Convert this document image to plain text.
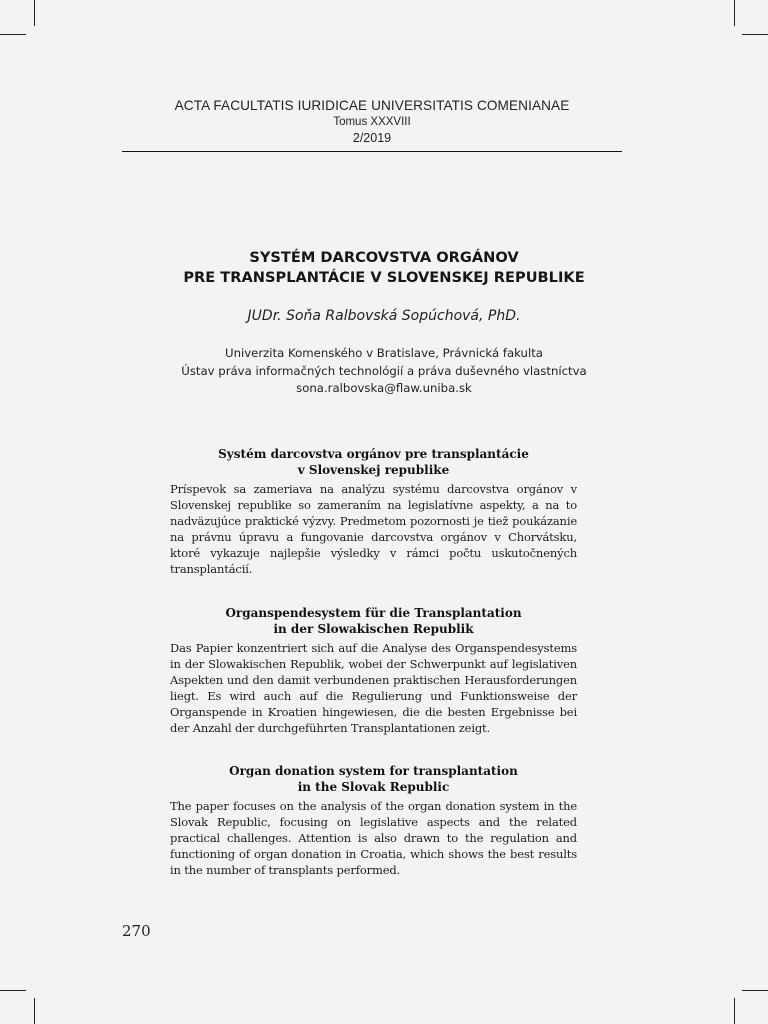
ACTA FACULTATIS IURIDICAE UNIVERSITATIS COMENIANAE
Tomus XXXVIII
2/2019
SYSTÉM DARCOVSTVA ORGÁNOV
PRE TRANSPLANTÁCIE V SLOVENSKEJ REPUBLIKE
JUDr. Soňa Ralbovská Sopúchová, PhD.
Univerzita Komenského v Bratislave, Právnická fakulta
Ústav práva informačných technológií a práva duševného vlastníctva
sona.ralbovska@flaw.uniba.sk
Systém darcovstva orgánov pre transplantácie
v Slovenskej republike
Príspevok sa zameriava na analýzu systému darcovstva orgánov v Slovenskej republike so zameraním na legislatívne aspekty, a na to nadväzujúce praktické výzvy. Predmetom pozornosti je tiež poukázanie na právnu úpravu a fungovanie darcovstva orgánov v Chorvátsku, ktoré vykazuje najlepšie výsledky v rámci počtu uskutočnených transplantácií.
Organspendesystem für die Transplantation
in der Slowakischen Republik
Das Papier konzentriert sich auf die Analyse des Organspendesystems in der Slowakischen Republik, wobei der Schwerpunkt auf legislativen Aspekten und den damit verbundenen praktischen Herausforderungen liegt. Es wird auch auf die Regulierung und Funktionsweise der Organspende in Kroatien hingewiesen, die die besten Ergebnisse bei der Anzahl der durchgeführten Transplantationen zeigt.
Organ donation system for transplantation
in the Slovak Republic
The paper focuses on the analysis of the organ donation system in the Slovak Republic, focusing on legislative aspects and the related practical challenges. Attention is also drawn to the regulation and functioning of organ donation in Croatia, which shows the best results in the number of transplants performed.
270
